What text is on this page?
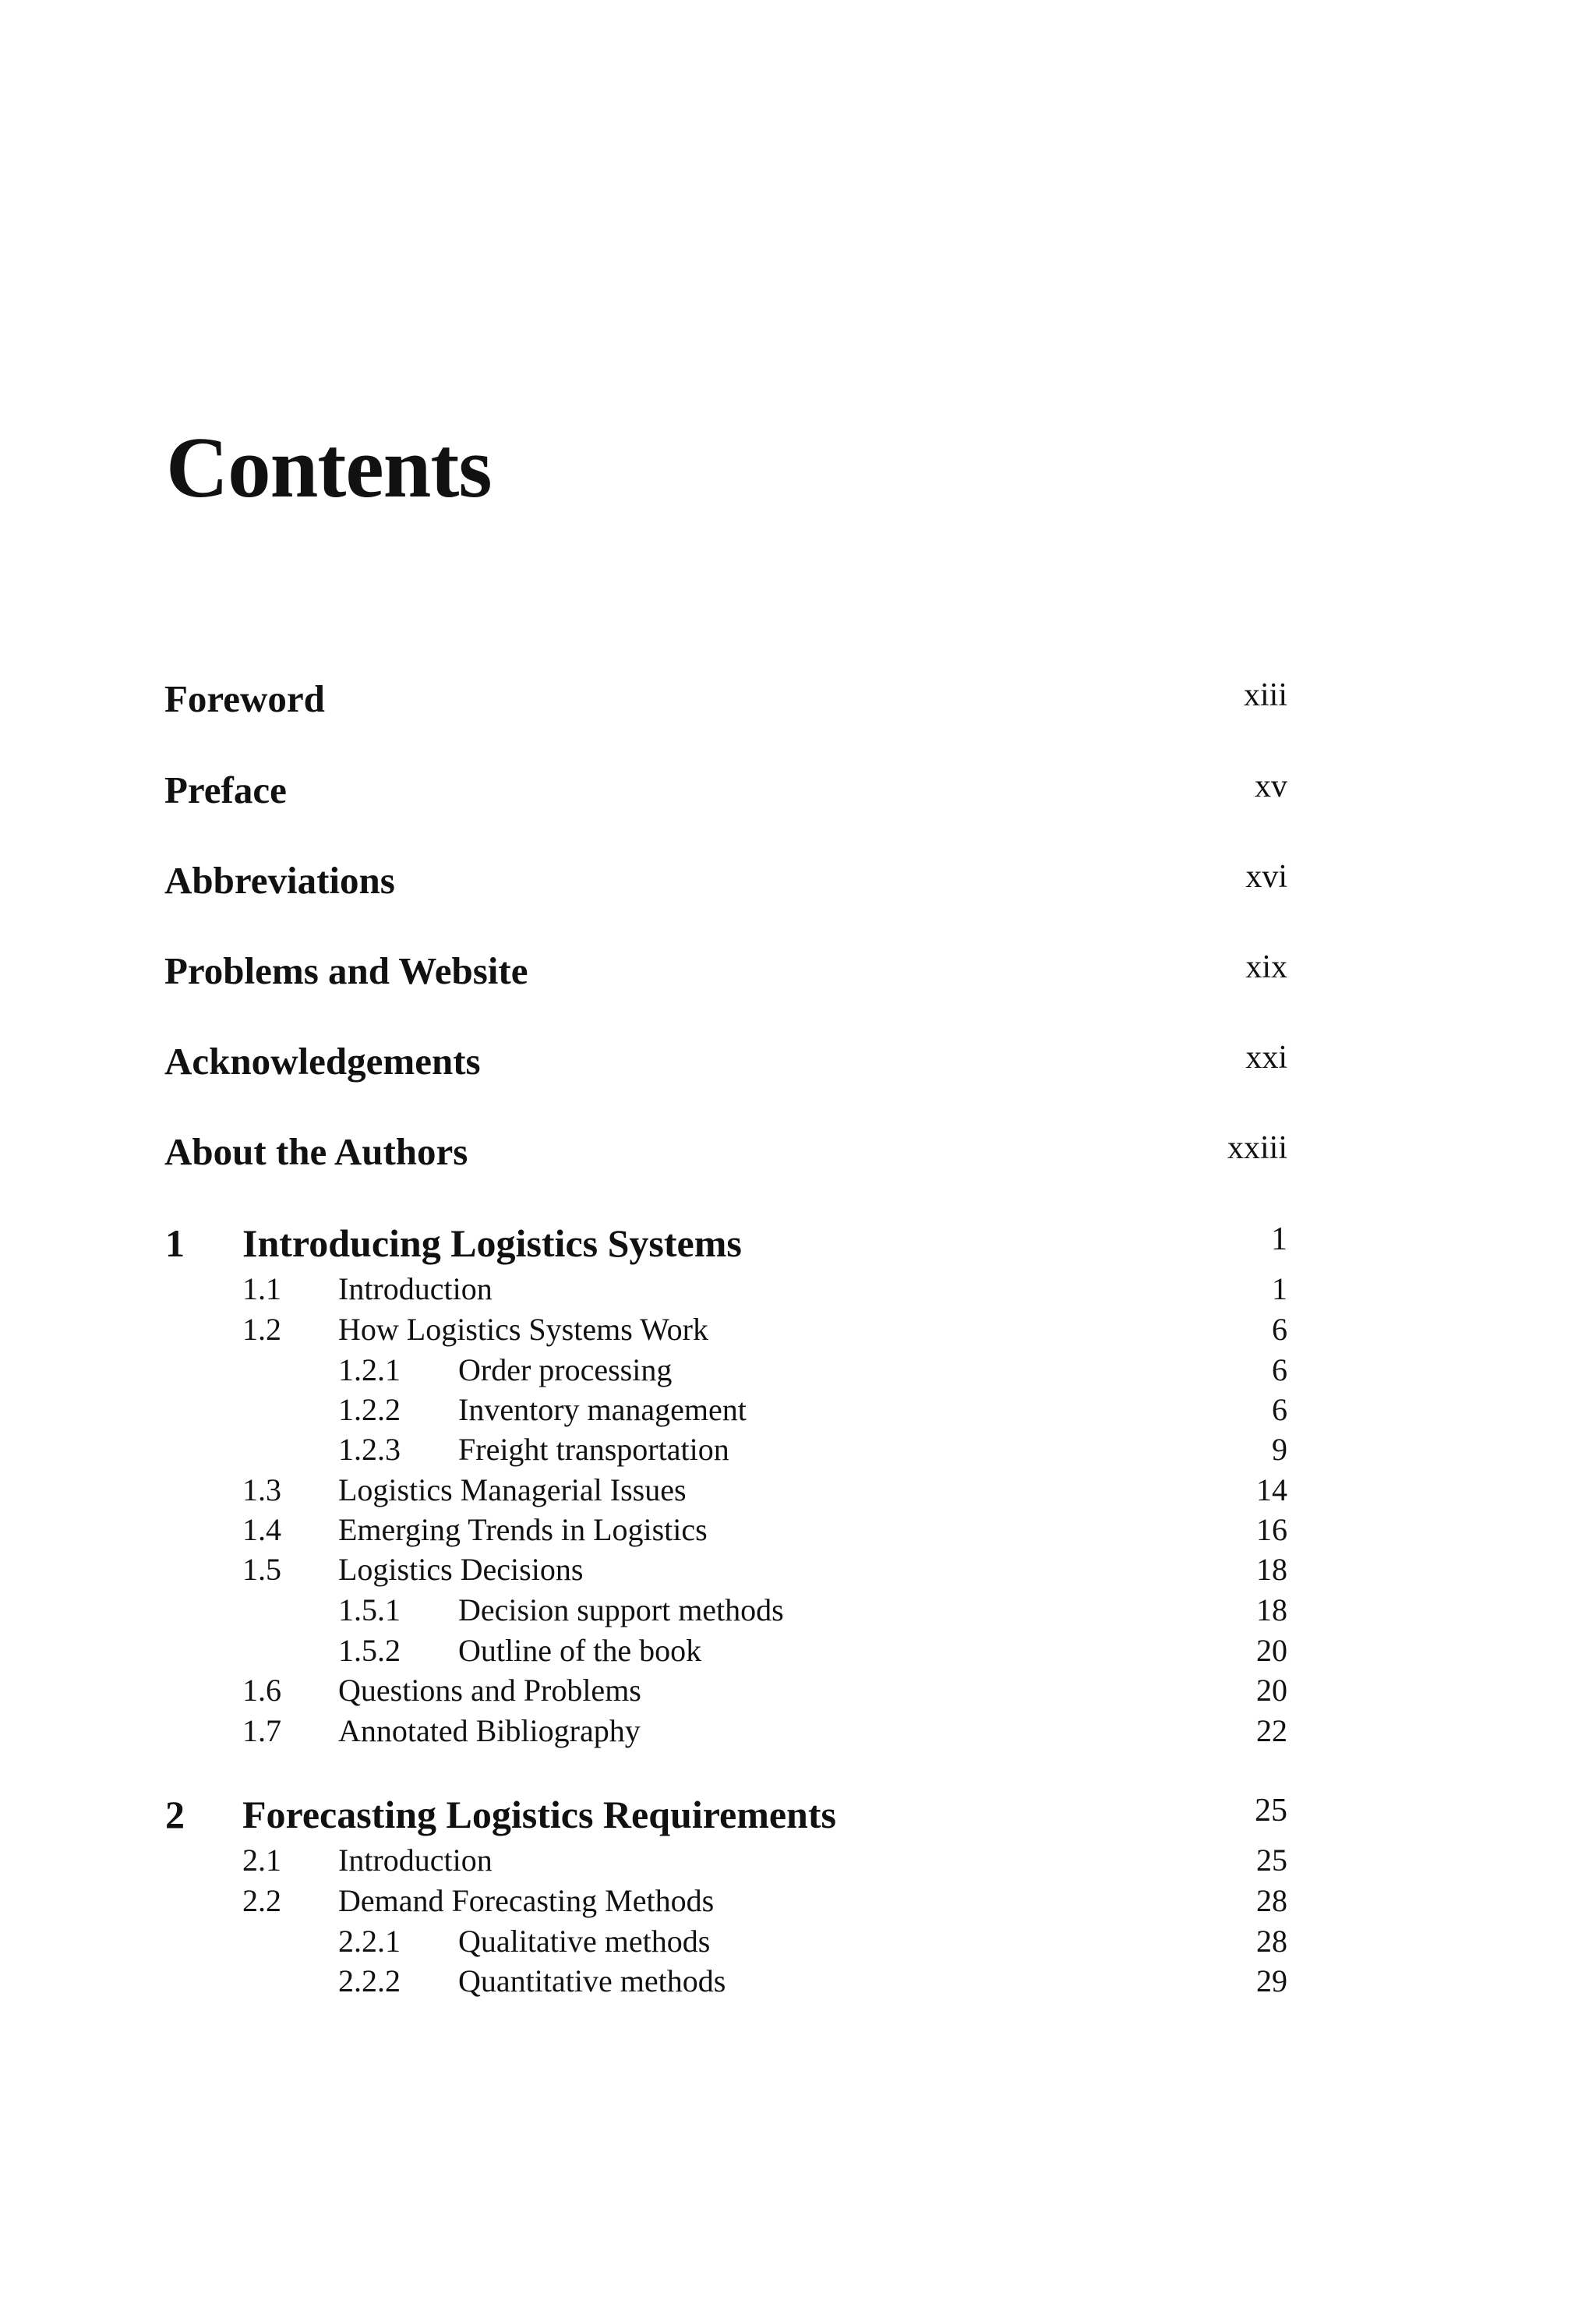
Contents
Foreword	xiii
Preface	xv
Abbreviations	xvi
Problems and Website	xix
Acknowledgements	xxi
About the Authors	xxiii
1 Introducing Logistics Systems	1
1.1 Introduction	1
1.2 How Logistics Systems Work	6
1.2.1 Order processing	6
1.2.2 Inventory management	6
1.2.3 Freight transportation	9
1.3 Logistics Managerial Issues	14
1.4 Emerging Trends in Logistics	16
1.5 Logistics Decisions	18
1.5.1 Decision support methods	18
1.5.2 Outline of the book	20
1.6 Questions and Problems	20
1.7 Annotated Bibliography	22
2 Forecasting Logistics Requirements	25
2.1 Introduction	25
2.2 Demand Forecasting Methods	28
2.2.1 Qualitative methods	28
2.2.2 Quantitative methods	29
